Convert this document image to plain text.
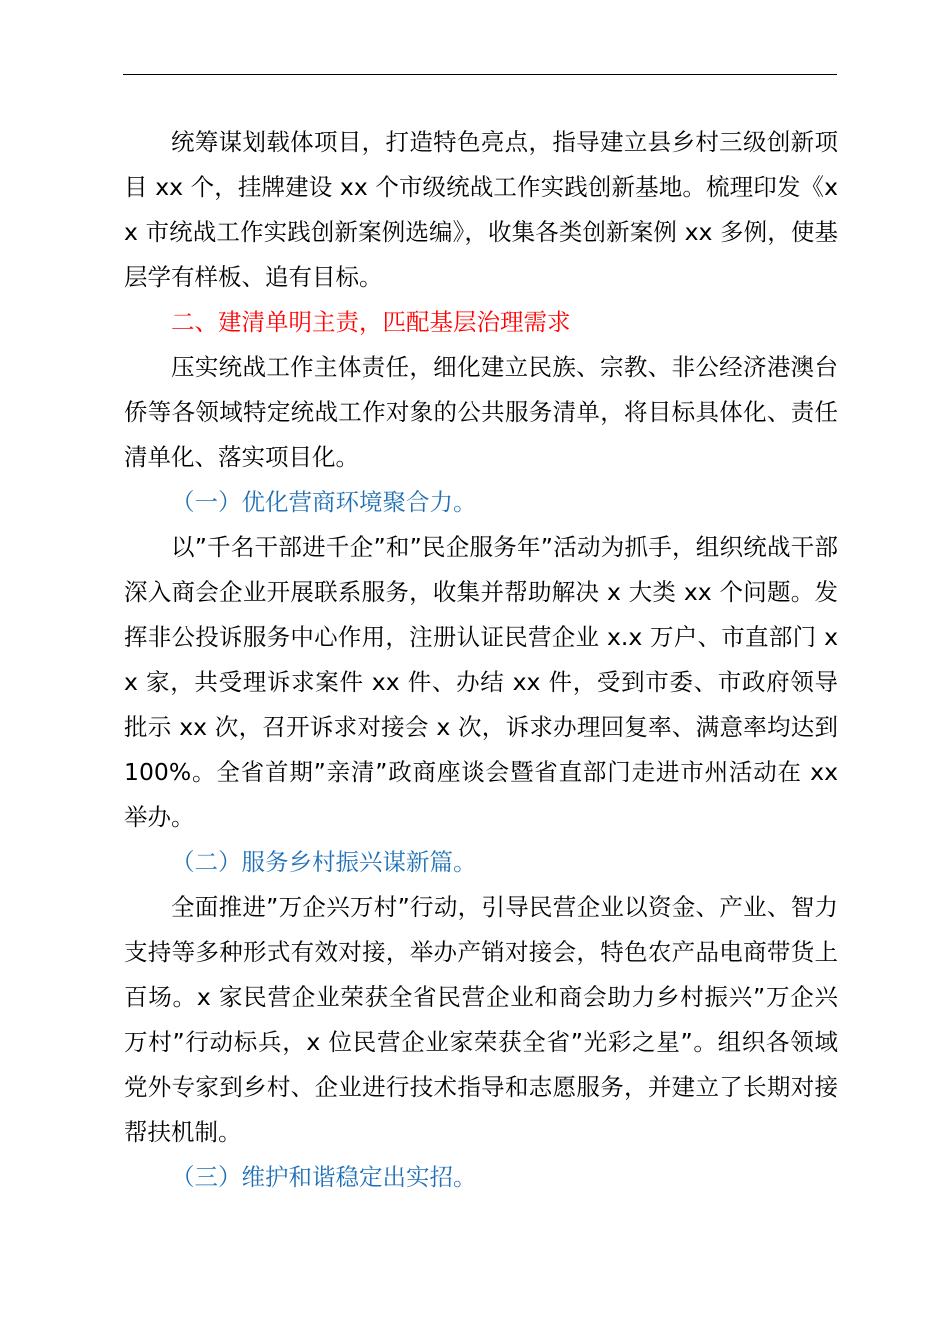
统筹谋划载体项目，打造特色亮点，指导建立县乡村三级创新项目 xx 个，挂牌建设 xx 个市级统战工作实践创新基地。梳理印发《xx 市统战工作实践创新案例选编》，收集各类创新案例 xx 多例，使基层学有样板、追有目标。

二、建清单明主责，匹配基层治理需求

压实统战工作主体责任，细化建立民族、宗教、非公经济港澳台侨等各领域特定统战工作对象的公共服务清单，将目标具体化、责任清单化、落实项目化。

（一）优化营商环境聚合力。

以”千名干部进千企”和”民企服务年”活动为抓手，组织统战干部深入商会企业开展联系服务，收集并帮助解决 x 大类 xx 个问题。发挥非公投诉服务中心作用，注册认证民营企业 x.x 万户、市直部门 xx 家，共受理诉求案件 xx 件、办结 xx 件，受到市委、市政府领导批示 xx 次，召开诉求对接会 x 次，诉求办理回复率、满意率均达到 100%。全省首期”亲清”政商座谈会暨省直部门走进市州活动在 xx 举办。

（二）服务乡村振兴谋新篇。

全面推进”万企兴万村”行动，引导民营企业以资金、产业、智力支持等多种形式有效对接，举办产销对接会，特色农产品电商带货上百场。x 家民营企业荣获全省民营企业和商会助力乡村振兴”万企兴万村”行动标兵，x 位民营企业家荣获全省”光彩之星”。组织各领域党外专家到乡村、企业进行技术指导和志愿服务，并建立了长期对接帮扶机制。

（三）维护和谐稳定出实招。
